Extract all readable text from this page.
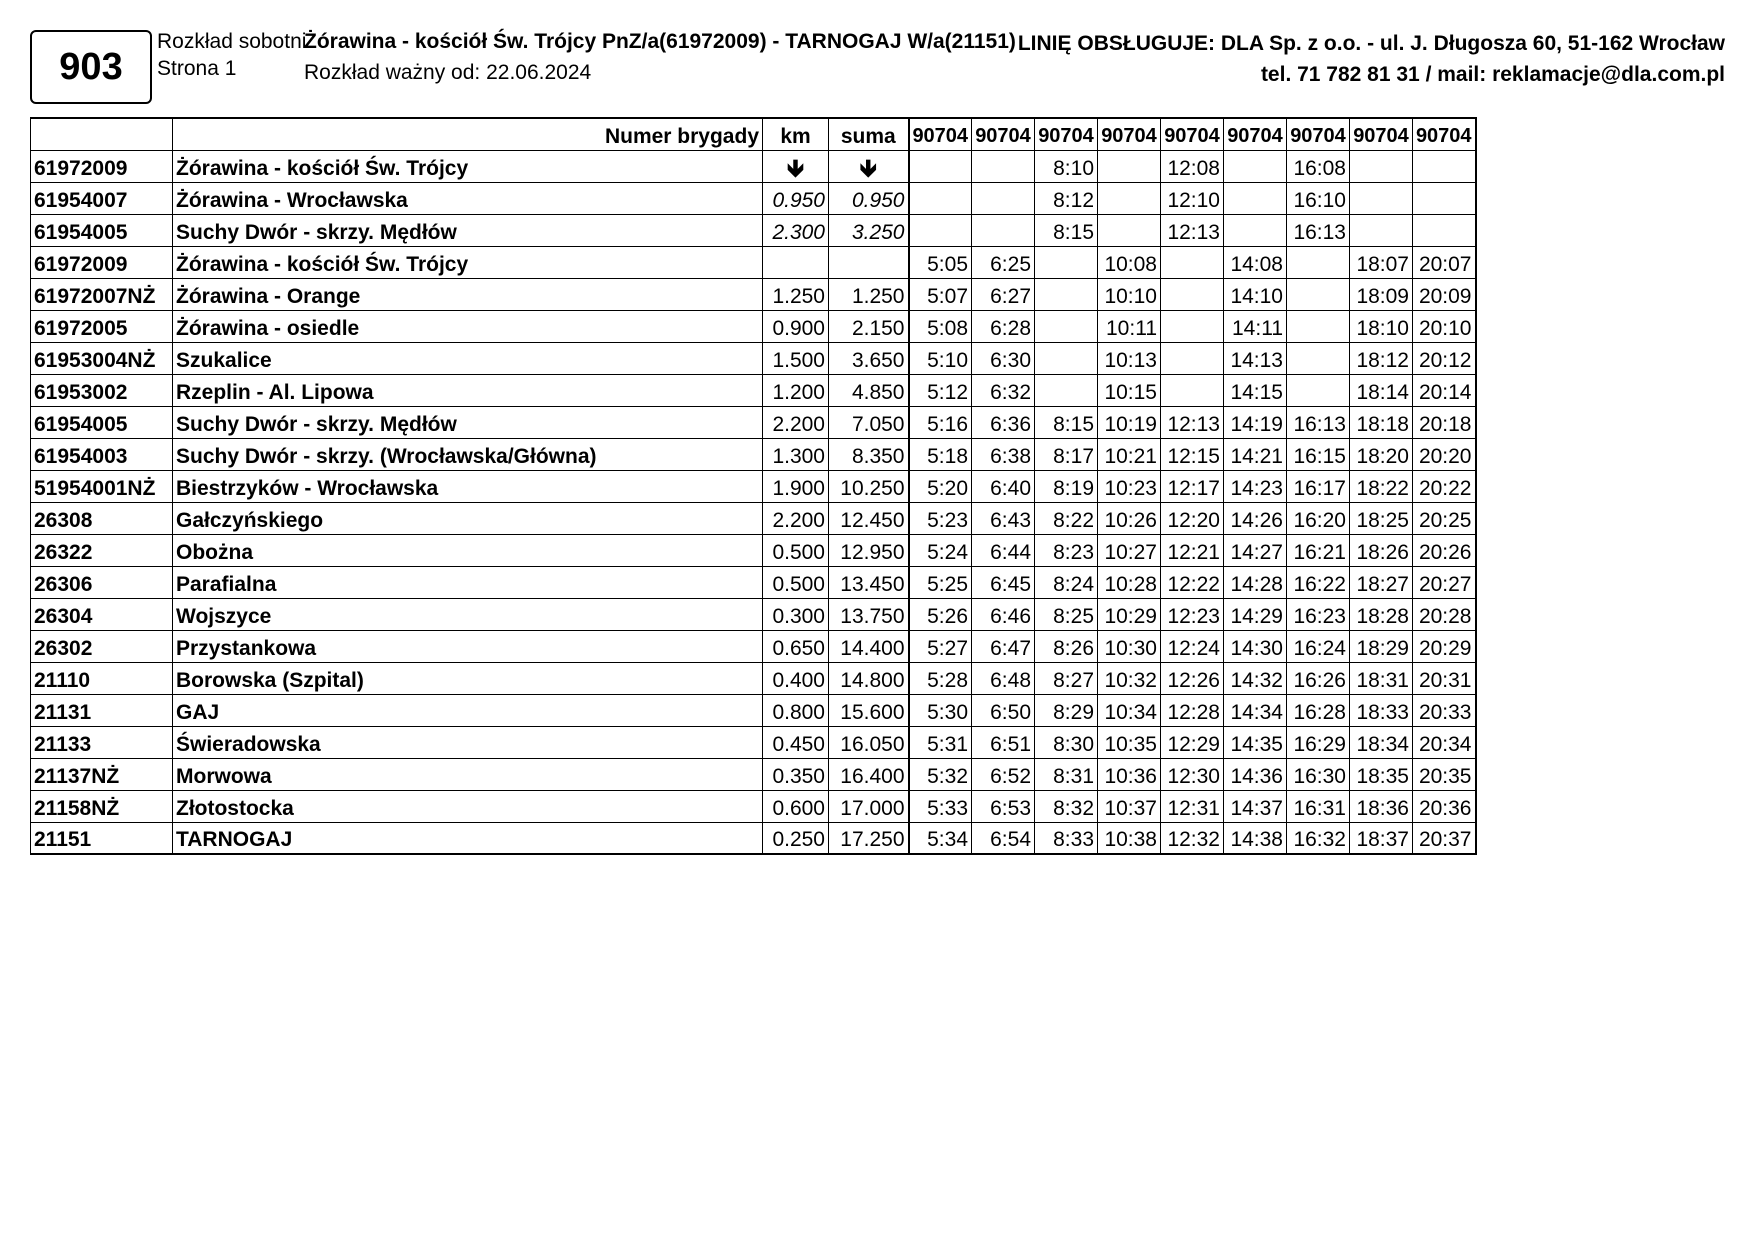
903
Rozkład sobotni
Strona 1
Żórawina - kościół Św. Trójcy PnZ/a(61972009) - TARNOGAJ W/a(21151)
Rozkład ważny od: 22.06.2024
LINIĘ OBSŁUGUJE: DLA Sp. z o.o. - ul. J. Długosza 60, 51-162 Wrocław
tel. 71 782 81 31 / mail: reklamacje@dla.com.pl
	Numer brygady	km	suma	90704	90704	90704	90704	90704	90704	90704	90704	90704
61972009	Żórawina - kościół Św. Trójcy	🡻	🡻			8:10		12:08		16:08		
61954007	Żórawina - Wrocławska	0.950	0.950			8:12		12:10		16:10		
61954005	Suchy Dwór - skrzy. Mędłów	2.300	3.250			8:15		12:13		16:13		
61972009	Żórawina - kościół Św. Trójcy			5:05	6:25		10:08		14:08		18:07	20:07
61972007NŻ	Żórawina - Orange	1.250	1.250	5:07	6:27		10:10		14:10		18:09	20:09
61972005	Żórawina - osiedle	0.900	2.150	5:08	6:28		10:11		14:11		18:10	20:10
61953004NŻ	Szukalice	1.500	3.650	5:10	6:30		10:13		14:13		18:12	20:12
61953002	Rzeplin - Al. Lipowa	1.200	4.850	5:12	6:32		10:15		14:15		18:14	20:14
61954005	Suchy Dwór - skrzy. Mędłów	2.200	7.050	5:16	6:36	8:15	10:19	12:13	14:19	16:13	18:18	20:18
61954003	Suchy Dwór - skrzy. (Wrocławska/Główna)	1.300	8.350	5:18	6:38	8:17	10:21	12:15	14:21	16:15	18:20	20:20
51954001NŻ	Biestrzyków - Wrocławska	1.900	10.250	5:20	6:40	8:19	10:23	12:17	14:23	16:17	18:22	20:22
26308	Gałczyńskiego	2.200	12.450	5:23	6:43	8:22	10:26	12:20	14:26	16:20	18:25	20:25
26322	Obożna	0.500	12.950	5:24	6:44	8:23	10:27	12:21	14:27	16:21	18:26	20:26
26306	Parafialna	0.500	13.450	5:25	6:45	8:24	10:28	12:22	14:28	16:22	18:27	20:27
26304	Wojszyce	0.300	13.750	5:26	6:46	8:25	10:29	12:23	14:29	16:23	18:28	20:28
26302	Przystankowa	0.650	14.400	5:27	6:47	8:26	10:30	12:24	14:30	16:24	18:29	20:29
21110	Borowska (Szpital)	0.400	14.800	5:28	6:48	8:27	10:32	12:26	14:32	16:26	18:31	20:31
21131	GAJ	0.800	15.600	5:30	6:50	8:29	10:34	12:28	14:34	16:28	18:33	20:33
21133	Świeradowska	0.450	16.050	5:31	6:51	8:30	10:35	12:29	14:35	16:29	18:34	20:34
21137NŻ	Morwowa	0.350	16.400	5:32	6:52	8:31	10:36	12:30	14:36	16:30	18:35	20:35
21158NŻ	Złotostocka	0.600	17.000	5:33	6:53	8:32	10:37	12:31	14:37	16:31	18:36	20:36
21151	TARNOGAJ	0.250	17.250	5:34	6:54	8:33	10:38	12:32	14:38	16:32	18:37	20:37
